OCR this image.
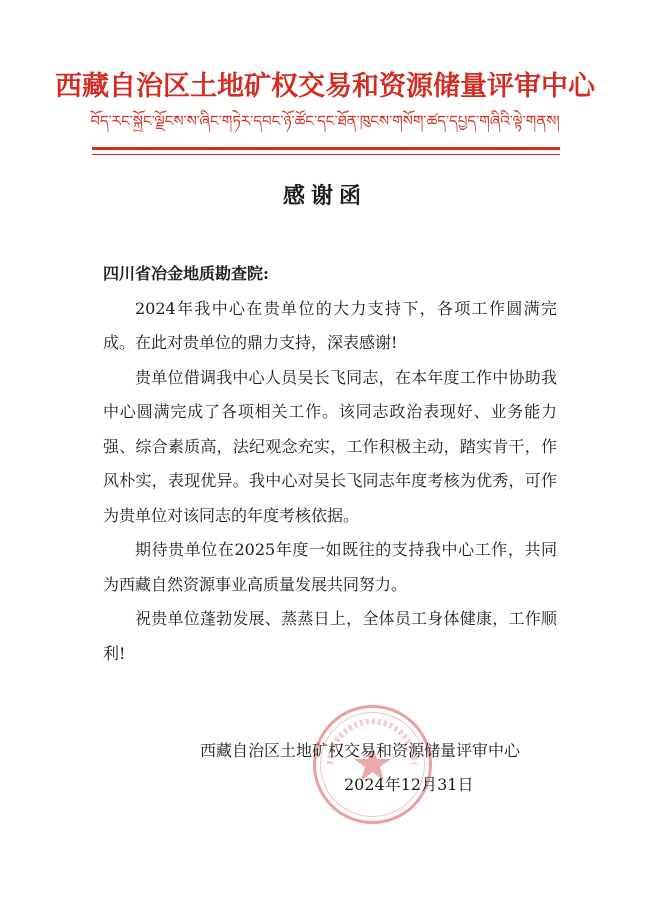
西藏自治区土地矿权交易和资源储量评审中心
བོད་རང་སྐྱོང་ལྗོངས་ས་ཞིང་གཏེར་དབང་ཉོ་ཚོང་དང་ཐོན་ཁུངས་གསོག་ཚད་དཔྱད་གཞིའི་ལྟེ་གནས།
感谢函

四川省冶金地质勘查院:

2024年我中心在贵单位的大力支持下，各项工作圆满完成。在此对贵单位的鼎力支持，深表感谢!

贵单位借调我中心人员吴长飞同志，在本年度工作中协助我中心圆满完成了各项相关工作。该同志政治表现好、业务能力强、综合素质高，法纪观念充实，工作积极主动，踏实肯干，作风朴实，表现优异。我中心对吴长飞同志年度考核为优秀，可作为贵单位对该同志的年度考核依据。

期待贵单位在2025年度一如既往的支持我中心工作，共同为西藏自然资源事业高质量发展共同努力。

祝贵单位蓬勃发展、蒸蒸日上，全体员工身体健康，工作顺利!

西藏自治区土地矿权交易和资源储量评审中心
2024年12月31日
